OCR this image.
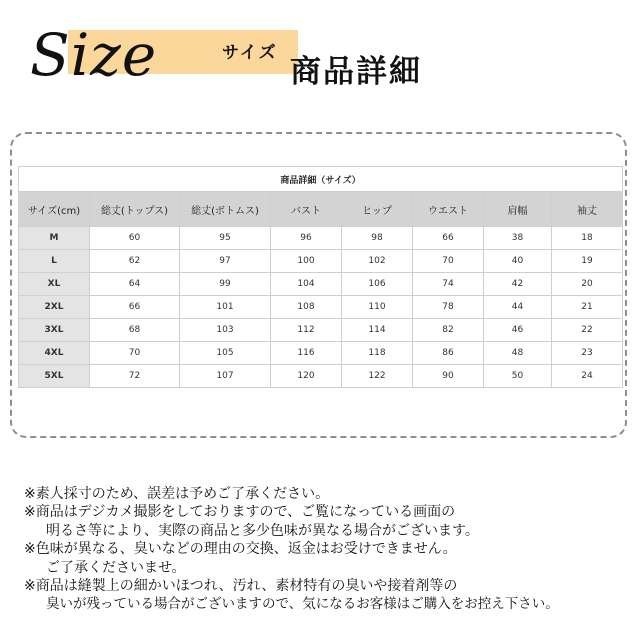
Size	サイズ
商品詳細
商品詳細（サイズ）							
サイズ(cm)	総丈(トップス)	総丈(ボトムス)	バスト	ヒップ	ウエスト	肩幅	袖丈
M	60	95	96	98	66	38	18
L	62	97	100	102	70	40	19
XL	64	99	104	106	74	42	20
2XL	66	101	108	110	78	44	21
3XL	68	103	112	114	82	46	22
4XL	70	105	116	118	86	48	23
5XL	72	107	120	122	90	50	24

※素人採寸のため、誤差は予めご了承ください。

※商品はデジカメ撮影をしておりますので、ご覧になっている画面の

明るさ等により、実際の商品と多少色味が異なる場合がございます。

※色味が異なる、臭いなどの理由の交換、返金はお受けできません。

ご了承くださいませ。

※商品は縫製上の細かいほつれ、汚れ、素材特有の臭いや接着剤等の

臭いが残っている場合がございますので、気になるお客様はご購入をお控え下さい。
